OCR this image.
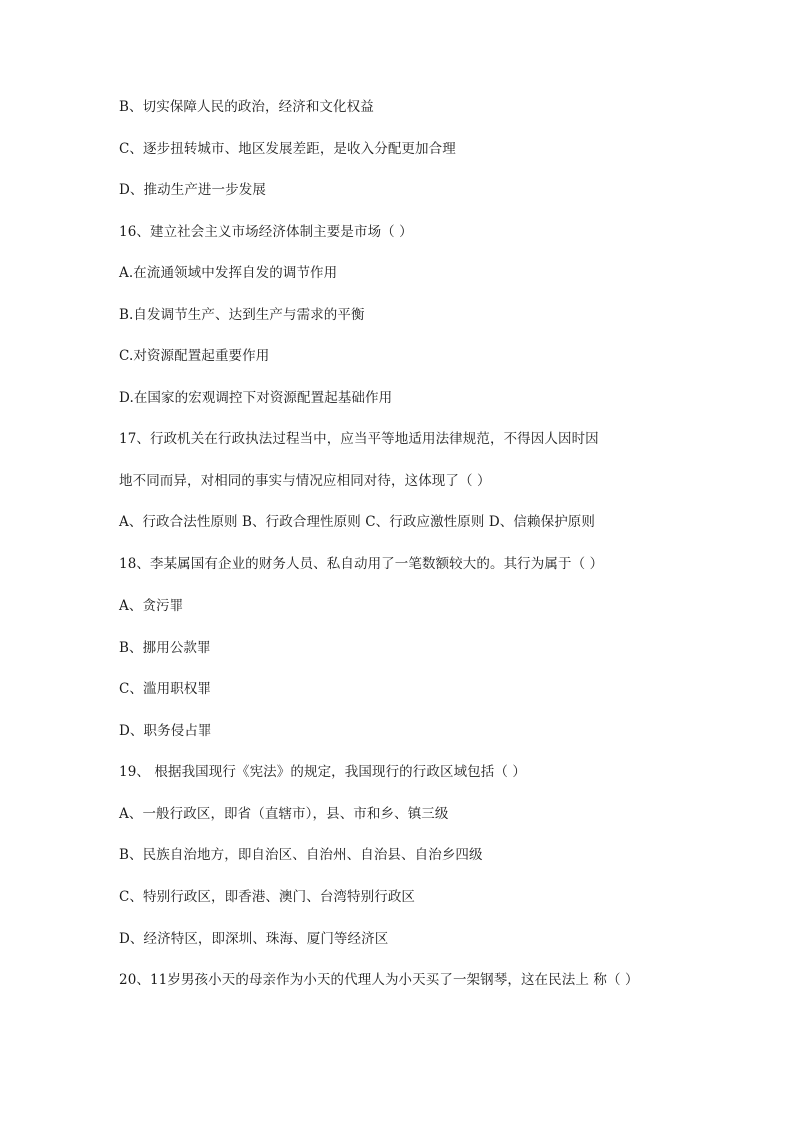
B、切实保障人民的政治，经济和文化权益
C、逐步扭转城市、地区发展差距，是收入分配更加合理
D、推动生产进一步发展
16、建立社会主义市场经济体制主要是市场（ ）
A.在流通领域中发挥自发的调节作用
B.自发调节生产、达到生产与需求的平衡
C.对资源配置起重要作用
D.在国家的宏观调控下对资源配置起基础作用
17、行政机关在行政执法过程当中，应当平等地适用法律规范，不得因人因时因
地不同而异，对相同的事实与情况应相同对待，这体现了（ ）
A、行政合法性原则 B、行政合理性原则 C、行政应激性原则 D、信赖保护原则
18、李某属国有企业的财务人员、私自动用了一笔数额较大的。其行为属于（ ）
A、贪污罪
B、挪用公款罪
C、滥用职权罪
D、职务侵占罪
19、 根据我国现行《宪法》的规定，我国现行的行政区域包括（ ）
A、一般行政区，即省（直辖市），县、市和乡、镇三级
B、民族自治地方，即自治区、自治州、自治县、自治乡四级
C、特别行政区，即香港、澳门、台湾特别行政区
D、经济特区，即深圳、珠海、厦门等经济区
20、11岁男孩小天的母亲作为小天的代理人为小天买了一架钢琴，这在民法上 称（ ）
